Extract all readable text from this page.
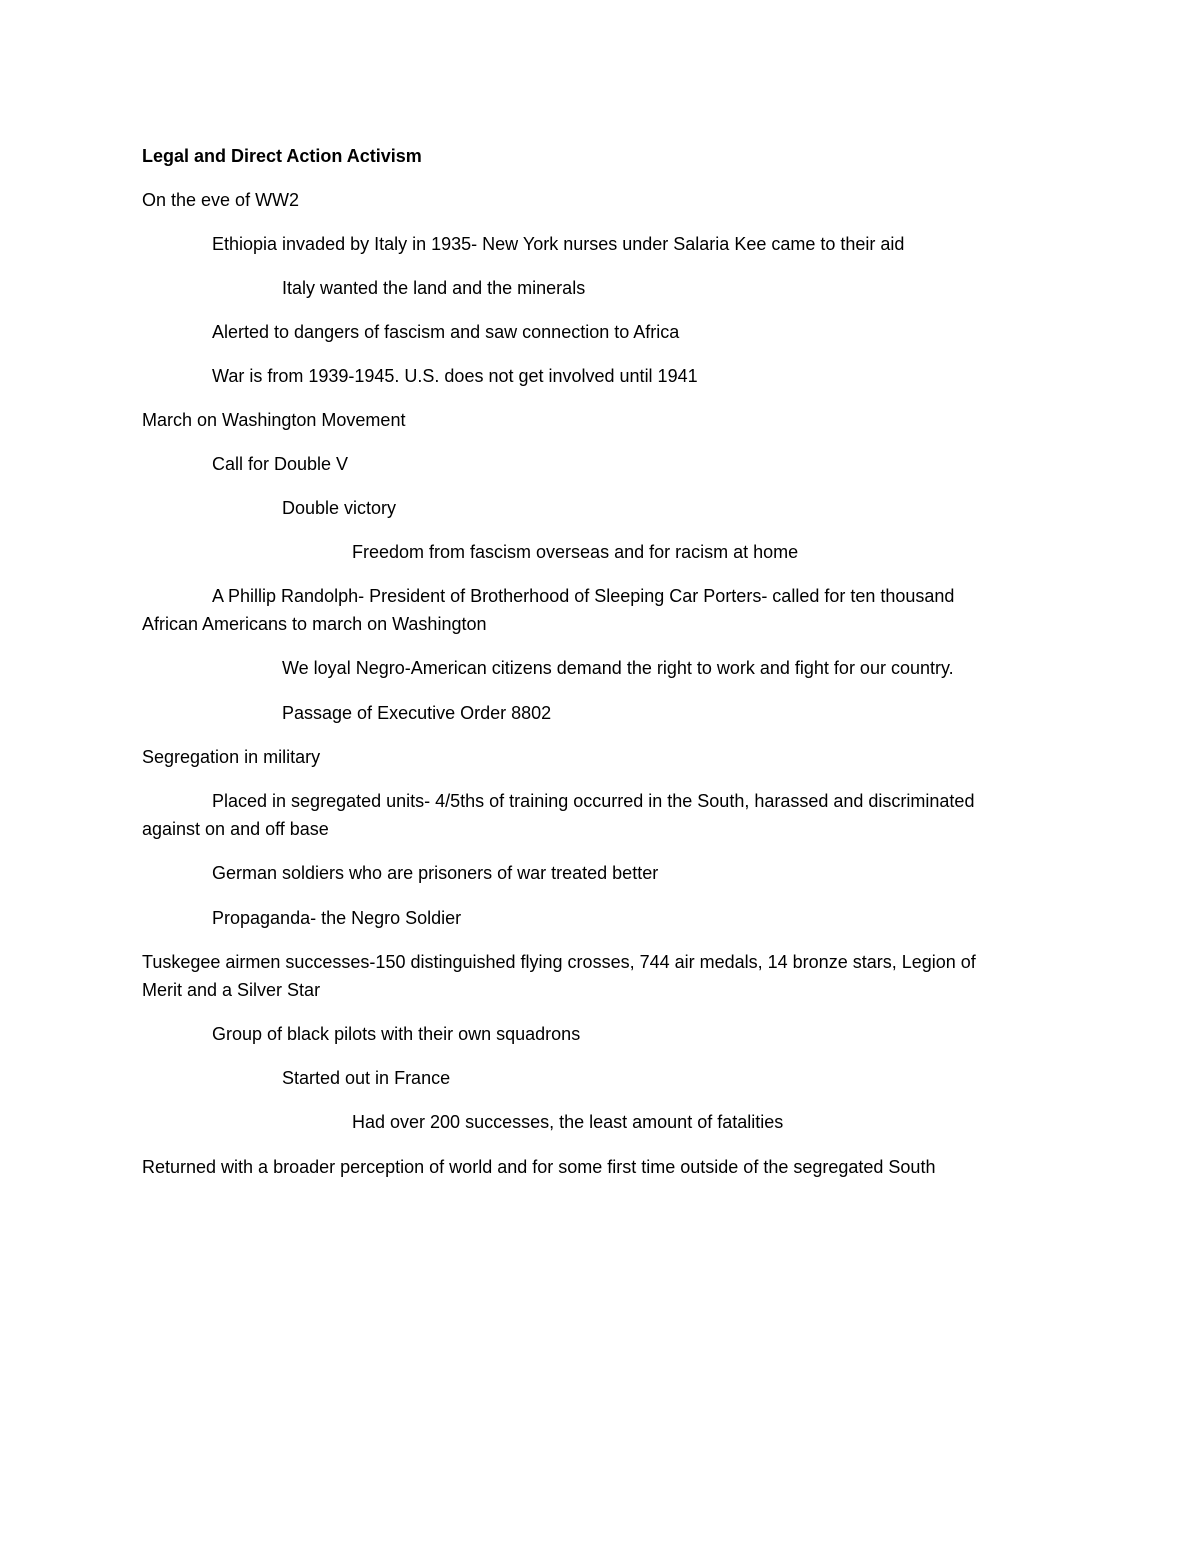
Legal and Direct Action Activism
On the eve of WW2
Ethiopia invaded by Italy in 1935- New York nurses under Salaria Kee came to their aid
Italy wanted the land and the minerals
Alerted to dangers of fascism and saw connection to Africa
War is from 1939-1945. U.S. does not get involved until 1941
March on Washington Movement
Call for Double V
Double victory
Freedom from fascism overseas and for racism at home
A Phillip Randolph- President of Brotherhood of Sleeping Car Porters- called for ten thousand
African Americans to march on Washington
We loyal Negro-American citizens demand the right to work and fight for our country.
Passage of Executive Order 8802
Segregation in military
Placed in segregated units- 4/5ths of training occurred in the South, harassed and discriminated
against on and off base
German soldiers who are prisoners of war treated better
Propaganda- the Negro Soldier
Tuskegee airmen successes-150 distinguished flying crosses, 744 air medals, 14 bronze stars, Legion of
Merit and a Silver Star
Group of black pilots with their own squadrons
Started out in France
Had over 200 successes, the least amount of fatalities
Returned with a broader perception of world and for some first time outside of the segregated South
